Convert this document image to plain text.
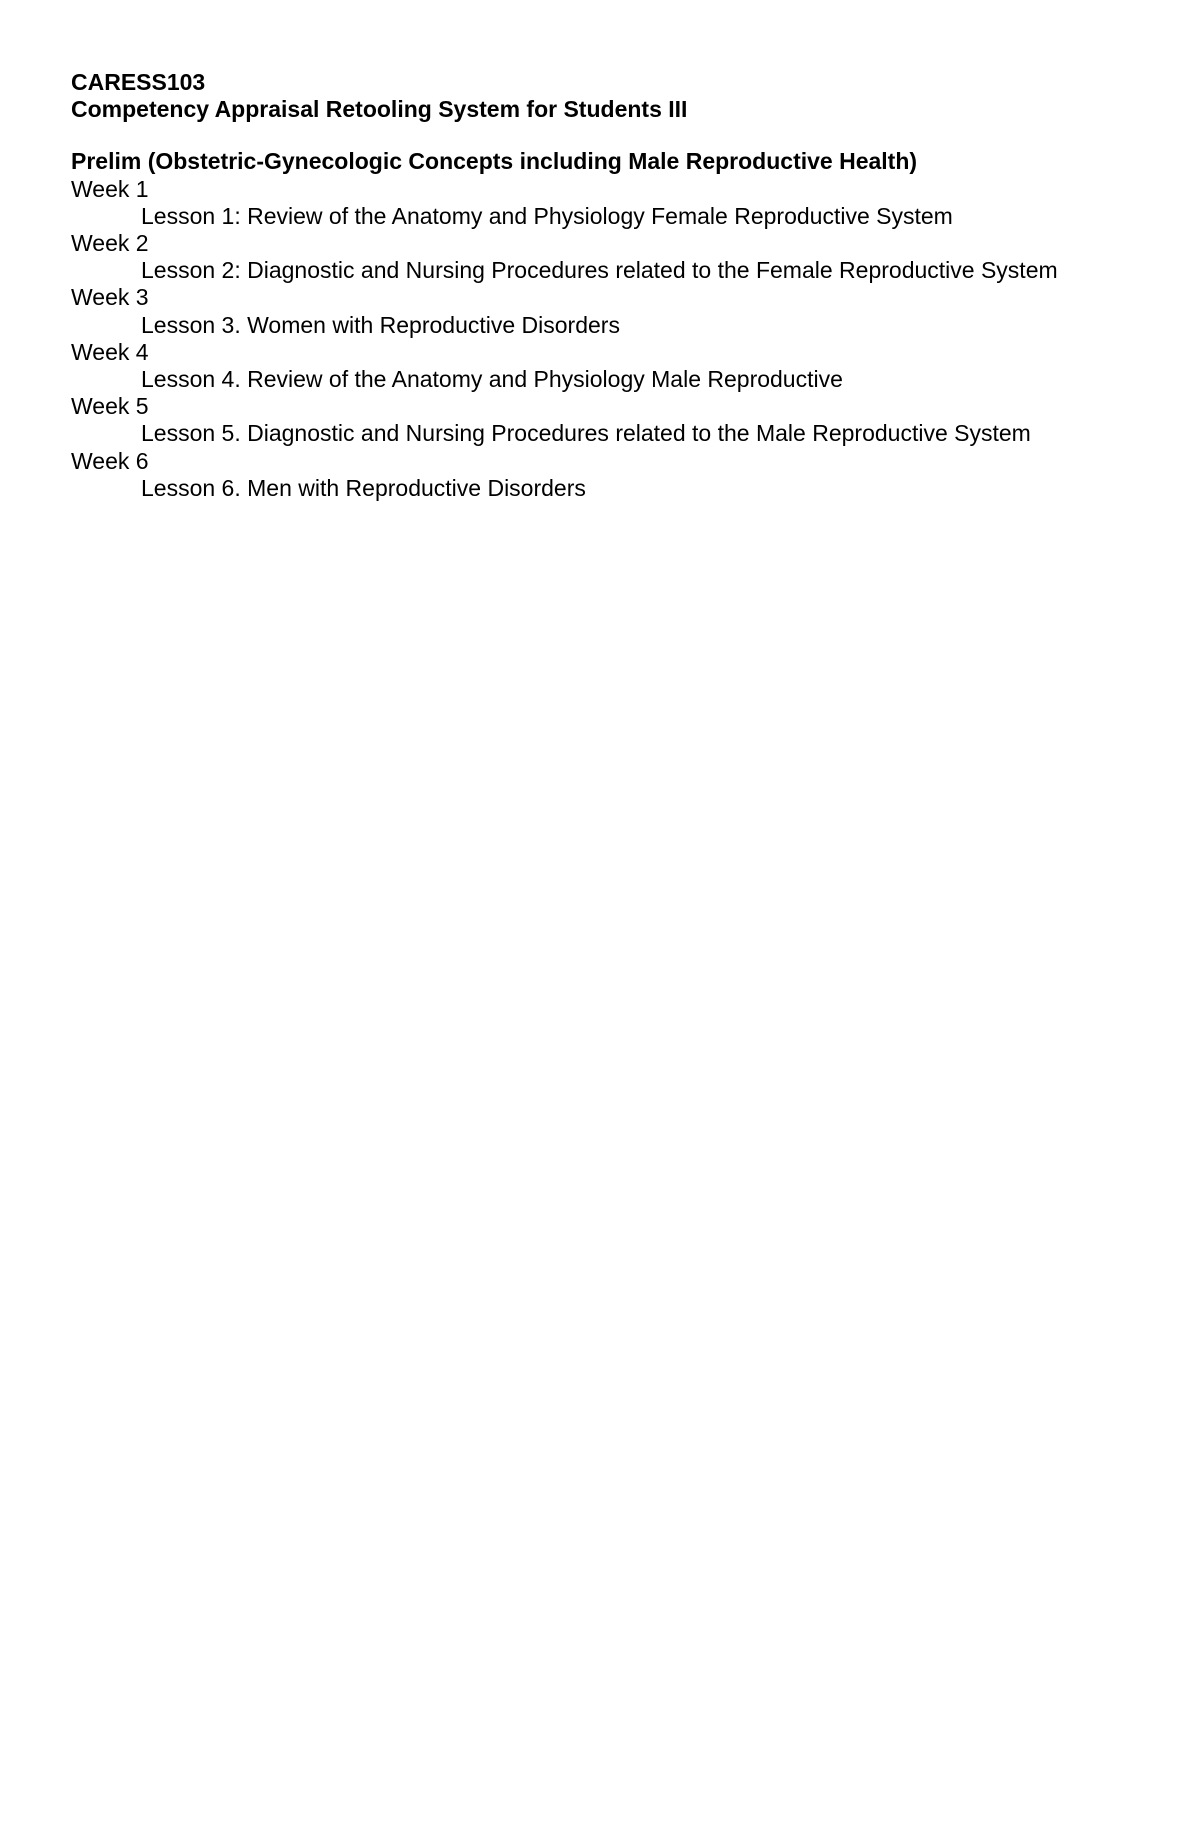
CARESS103
Competency Appraisal Retooling System for Students III
Prelim (Obstetric-Gynecologic Concepts including Male Reproductive Health)
Week 1
Lesson 1: Review of the Anatomy and Physiology Female Reproductive System
Week 2
Lesson 2: Diagnostic and Nursing Procedures related to the Female Reproductive System
Week 3
Lesson 3. Women with Reproductive Disorders
Week 4
Lesson 4. Review of the Anatomy and Physiology Male Reproductive
Week 5
Lesson 5. Diagnostic and Nursing Procedures related to the Male Reproductive System
Week 6
Lesson 6. Men with Reproductive Disorders
